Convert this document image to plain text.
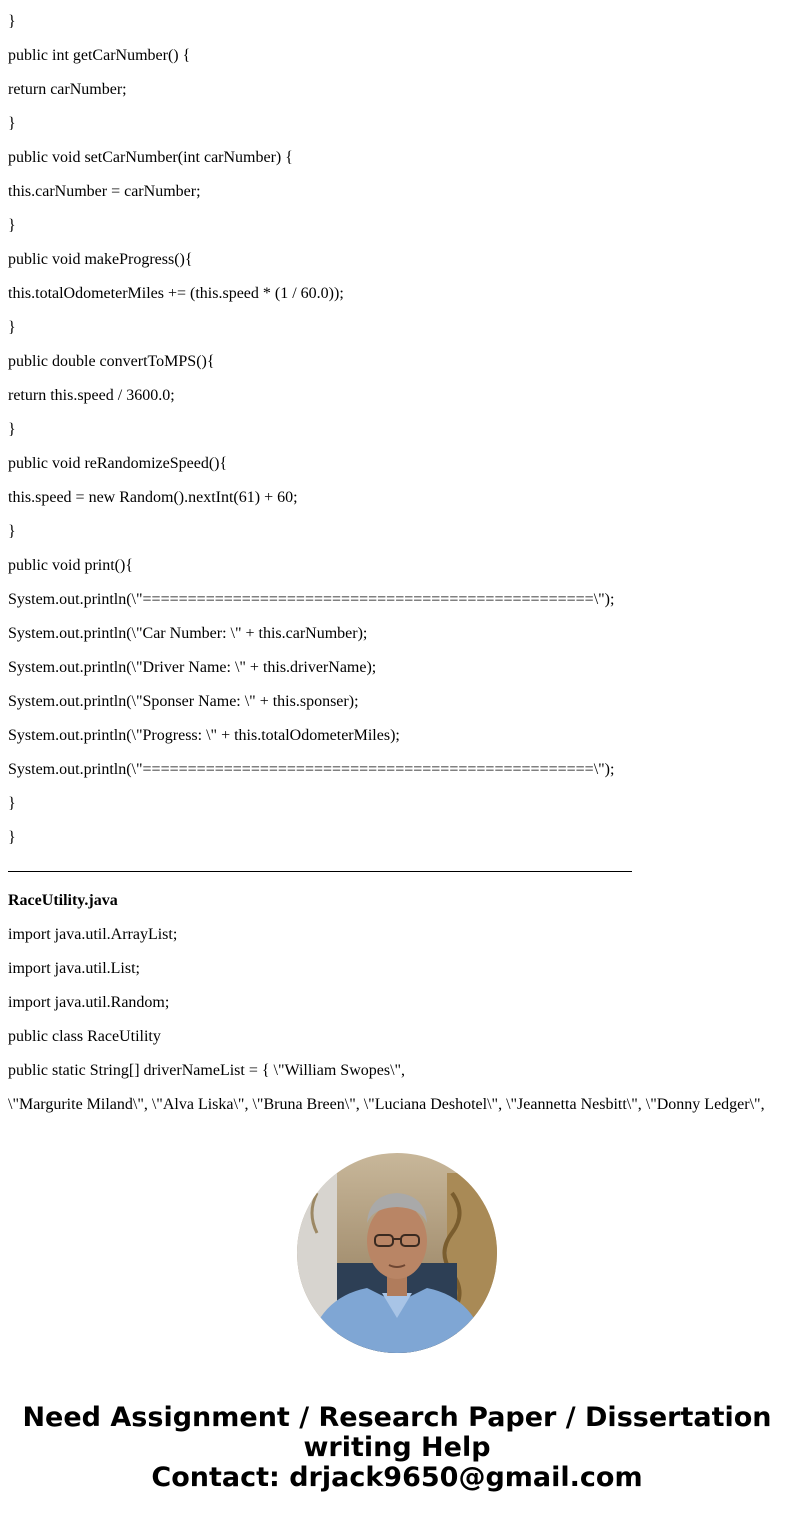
}
public int getCarNumber() {
return carNumber;
}
public void setCarNumber(int carNumber) {
this.carNumber = carNumber;
}
public void makeProgress(){
this.totalOdometerMiles += (this.speed * (1 / 60.0));
}
public double convertToMPS(){
return this.speed / 3600.0;
}
public void reRandomizeSpeed(){
this.speed = new Random().nextInt(61) + 60;
}
public void print(){
System.out.println(\"==================================================\");
System.out.println(\"Car Number: \" + this.carNumber);
System.out.println(\"Driver Name: \" + this.driverName);
System.out.println(\"Sponser Name: \" + this.sponser);
System.out.println(\"Progress: \" + this.totalOdometerMiles);
System.out.println(\"==================================================\");
}
}
RaceUtility.java
import java.util.ArrayList;
import java.util.List;
import java.util.Random;
public class RaceUtility
public static String[] driverNameList = { \"William Swopes\",
\"Margurite Miland\", \"Alva Liska\", \"Bruna Breen\", \"Luciana Deshotel\", \"Jeannetta Nesbitt\", \"Donny Ledger\",
Need Assignment / Research Paper / Dissertation
writing Help
Contact: drjack9650@gmail.com
